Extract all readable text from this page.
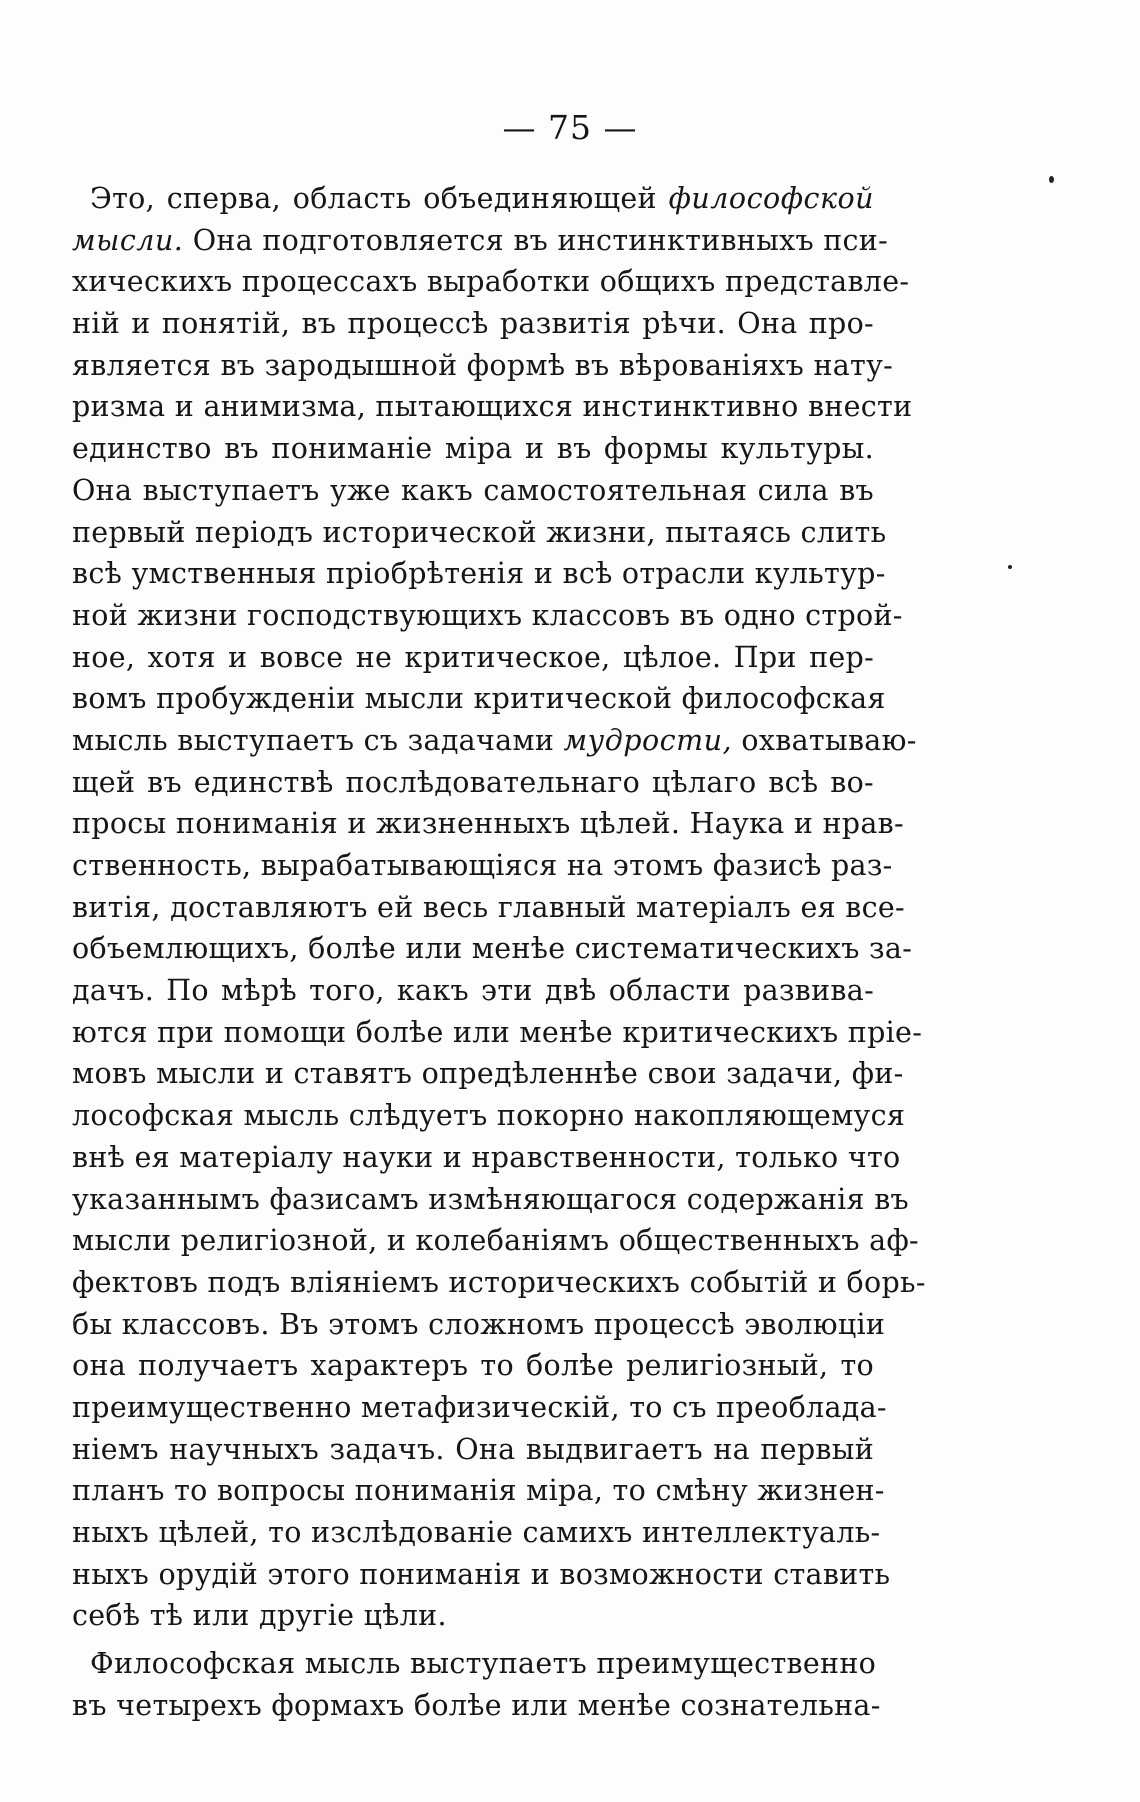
— 75 —
Это, сперва, область объединяющей философской
мысли. Она подготовляется въ инстинктивныхъ пси-
хическихъ процессахъ выработки общихъ представле-
ній и понятій, въ процессѣ развитія рѣчи. Она про-
является въ зародышной формѣ въ вѣрованіяхъ нату-
ризма и анимизма, пытающихся инстинктивно внести
единство въ пониманіе міра и въ формы культуры.
Она выступаетъ уже какъ самостоятельная сила въ
первый періодъ исторической жизни, пытаясь слить
всѣ умственныя пріобрѣтенія и всѣ отрасли культур-
ной жизни господствующихъ классовъ въ одно строй-
ное, хотя и вовсе не критическое, цѣлое. При пер-
вомъ пробужденіи мысли критической философская
мысль выступаетъ съ задачами мудрости, охватываю-
щей въ единствѣ послѣдовательнаго цѣлаго всѣ во-
просы пониманія и жизненныхъ цѣлей. Наука и нрав-
ственность, вырабатывающіяся на этомъ фазисѣ раз-
витія, доставляютъ ей весь главный матеріалъ ея все-
объемлющихъ, болѣе или менѣе систематическихъ за-
дачъ. По мѣрѣ того, какъ эти двѣ области развива-
ются при помощи болѣе или менѣе критическихъ прiе-
мовъ мысли и ставятъ опредѣленнѣе свои задачи, фи-
лософская мысль слѣдуетъ покорно накопляющемуся
внѣ ея матеріалу науки и нравственности, только что
указаннымъ фазисамъ измѣняющагося содержанія въ
мысли религіозной, и колебаніямъ общественныхъ аф-
фектовъ подъ вліяніемъ историческихъ событій и борь-
бы классовъ. Въ этомъ сложномъ процессѣ эволюціи
она получаетъ характеръ то болѣе религіозный, то
преимущественно метафизическій, то съ преоблада-
ніемъ научныхъ задачъ. Она выдвигаетъ на первый
планъ то вопросы пониманія міра, то смѣну жизнен-
ныхъ цѣлей, то изслѣдованіе самихъ интеллектуаль-
ныхъ орудій этого пониманія и возможности ставить
себѣ тѣ или другіе цѣли.
Философская мысль выступаетъ преимущественно
въ четырехъ формахъ болѣе или менѣе сознательна-
